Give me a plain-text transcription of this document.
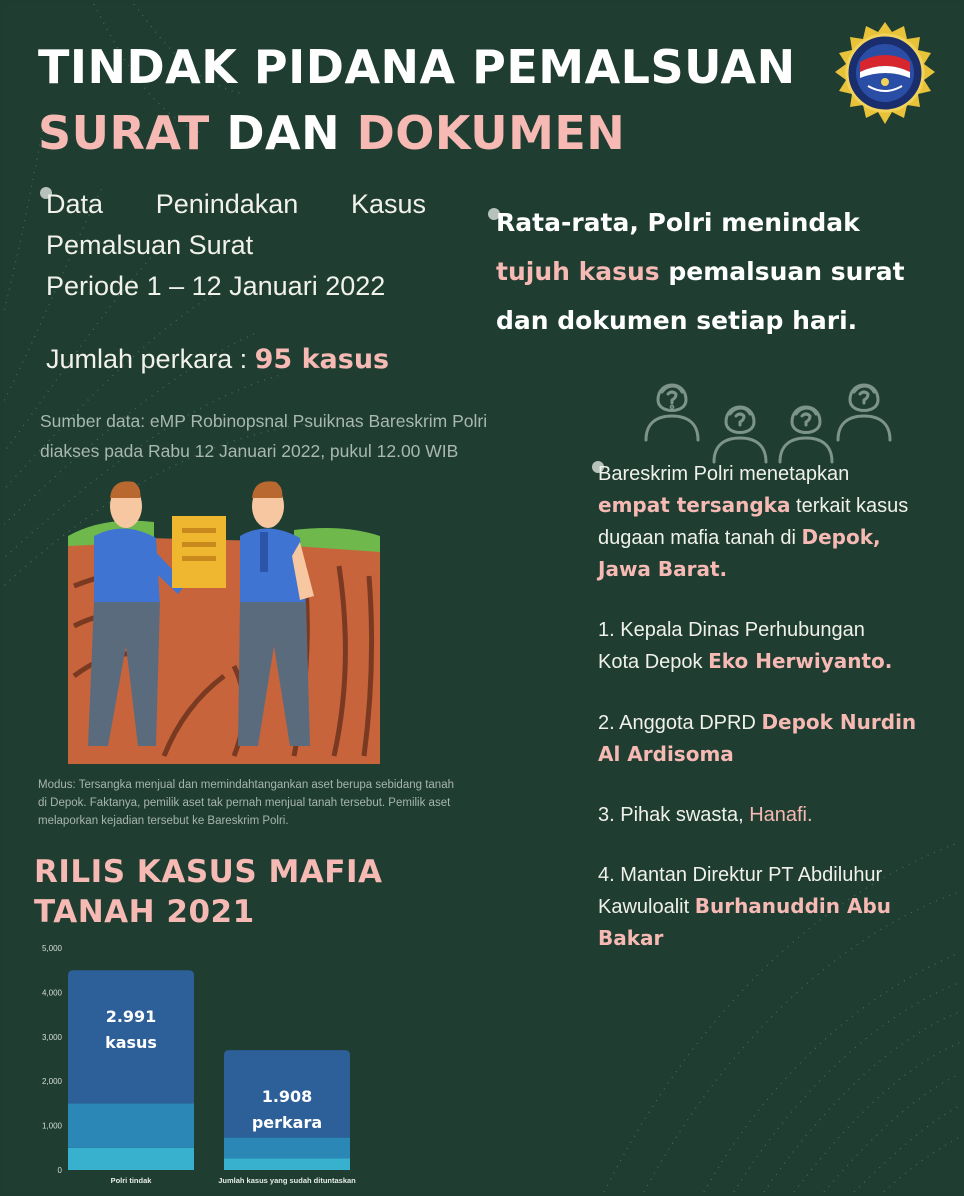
TINDAK PIDANA PEMALSUAN
SURAT DAN DOKUMEN
Data Penindakan Kasus
Pemalsuan Surat
Periode 1 – 12 Januari 2022
Rata-rata, Polri menindak
tujuh kasus pemalsuan surat
dan dokumen setiap hari.

Jumlah perkara : 95 kasus

Sumber data: eMP Robinopsnal Psuiknas Bareskrim Polri
diakses pada Rabu 12 Januari 2022, pukul 12.00 WIB
Modus: Tersangka menjual dan memindahtangankan aset berupa sebidang tanah
di Depok. Faktanya, pemilik aset tak pernah menjual tanah tersebut. Pemilik aset
melaporkan kejadian tersebut ke Bareskrim Polri.
RILIS KASUS MAFIA
TANAH 2021
0
1,000
2,000
3,000
4,000
5,000
2.991
kasus
Polri tindak
1.908
perkara
Jumlah kasus yang sudah dituntaskan

Bareskrim Polri menetapkan
empat tersangka terkait kasus
dugaan mafia tanah di Depok,
Jawa Barat.

1. Kepala Dinas Perhubungan
Kota Depok Eko Herwiyanto.

2. Anggota DPRD Depok Nurdin
Al Ardisoma

3. Pihak swasta, Hanafi.

4. Mantan Direktur PT Abdiluhur
Kawuloalit Burhanuddin Abu
Bakar
